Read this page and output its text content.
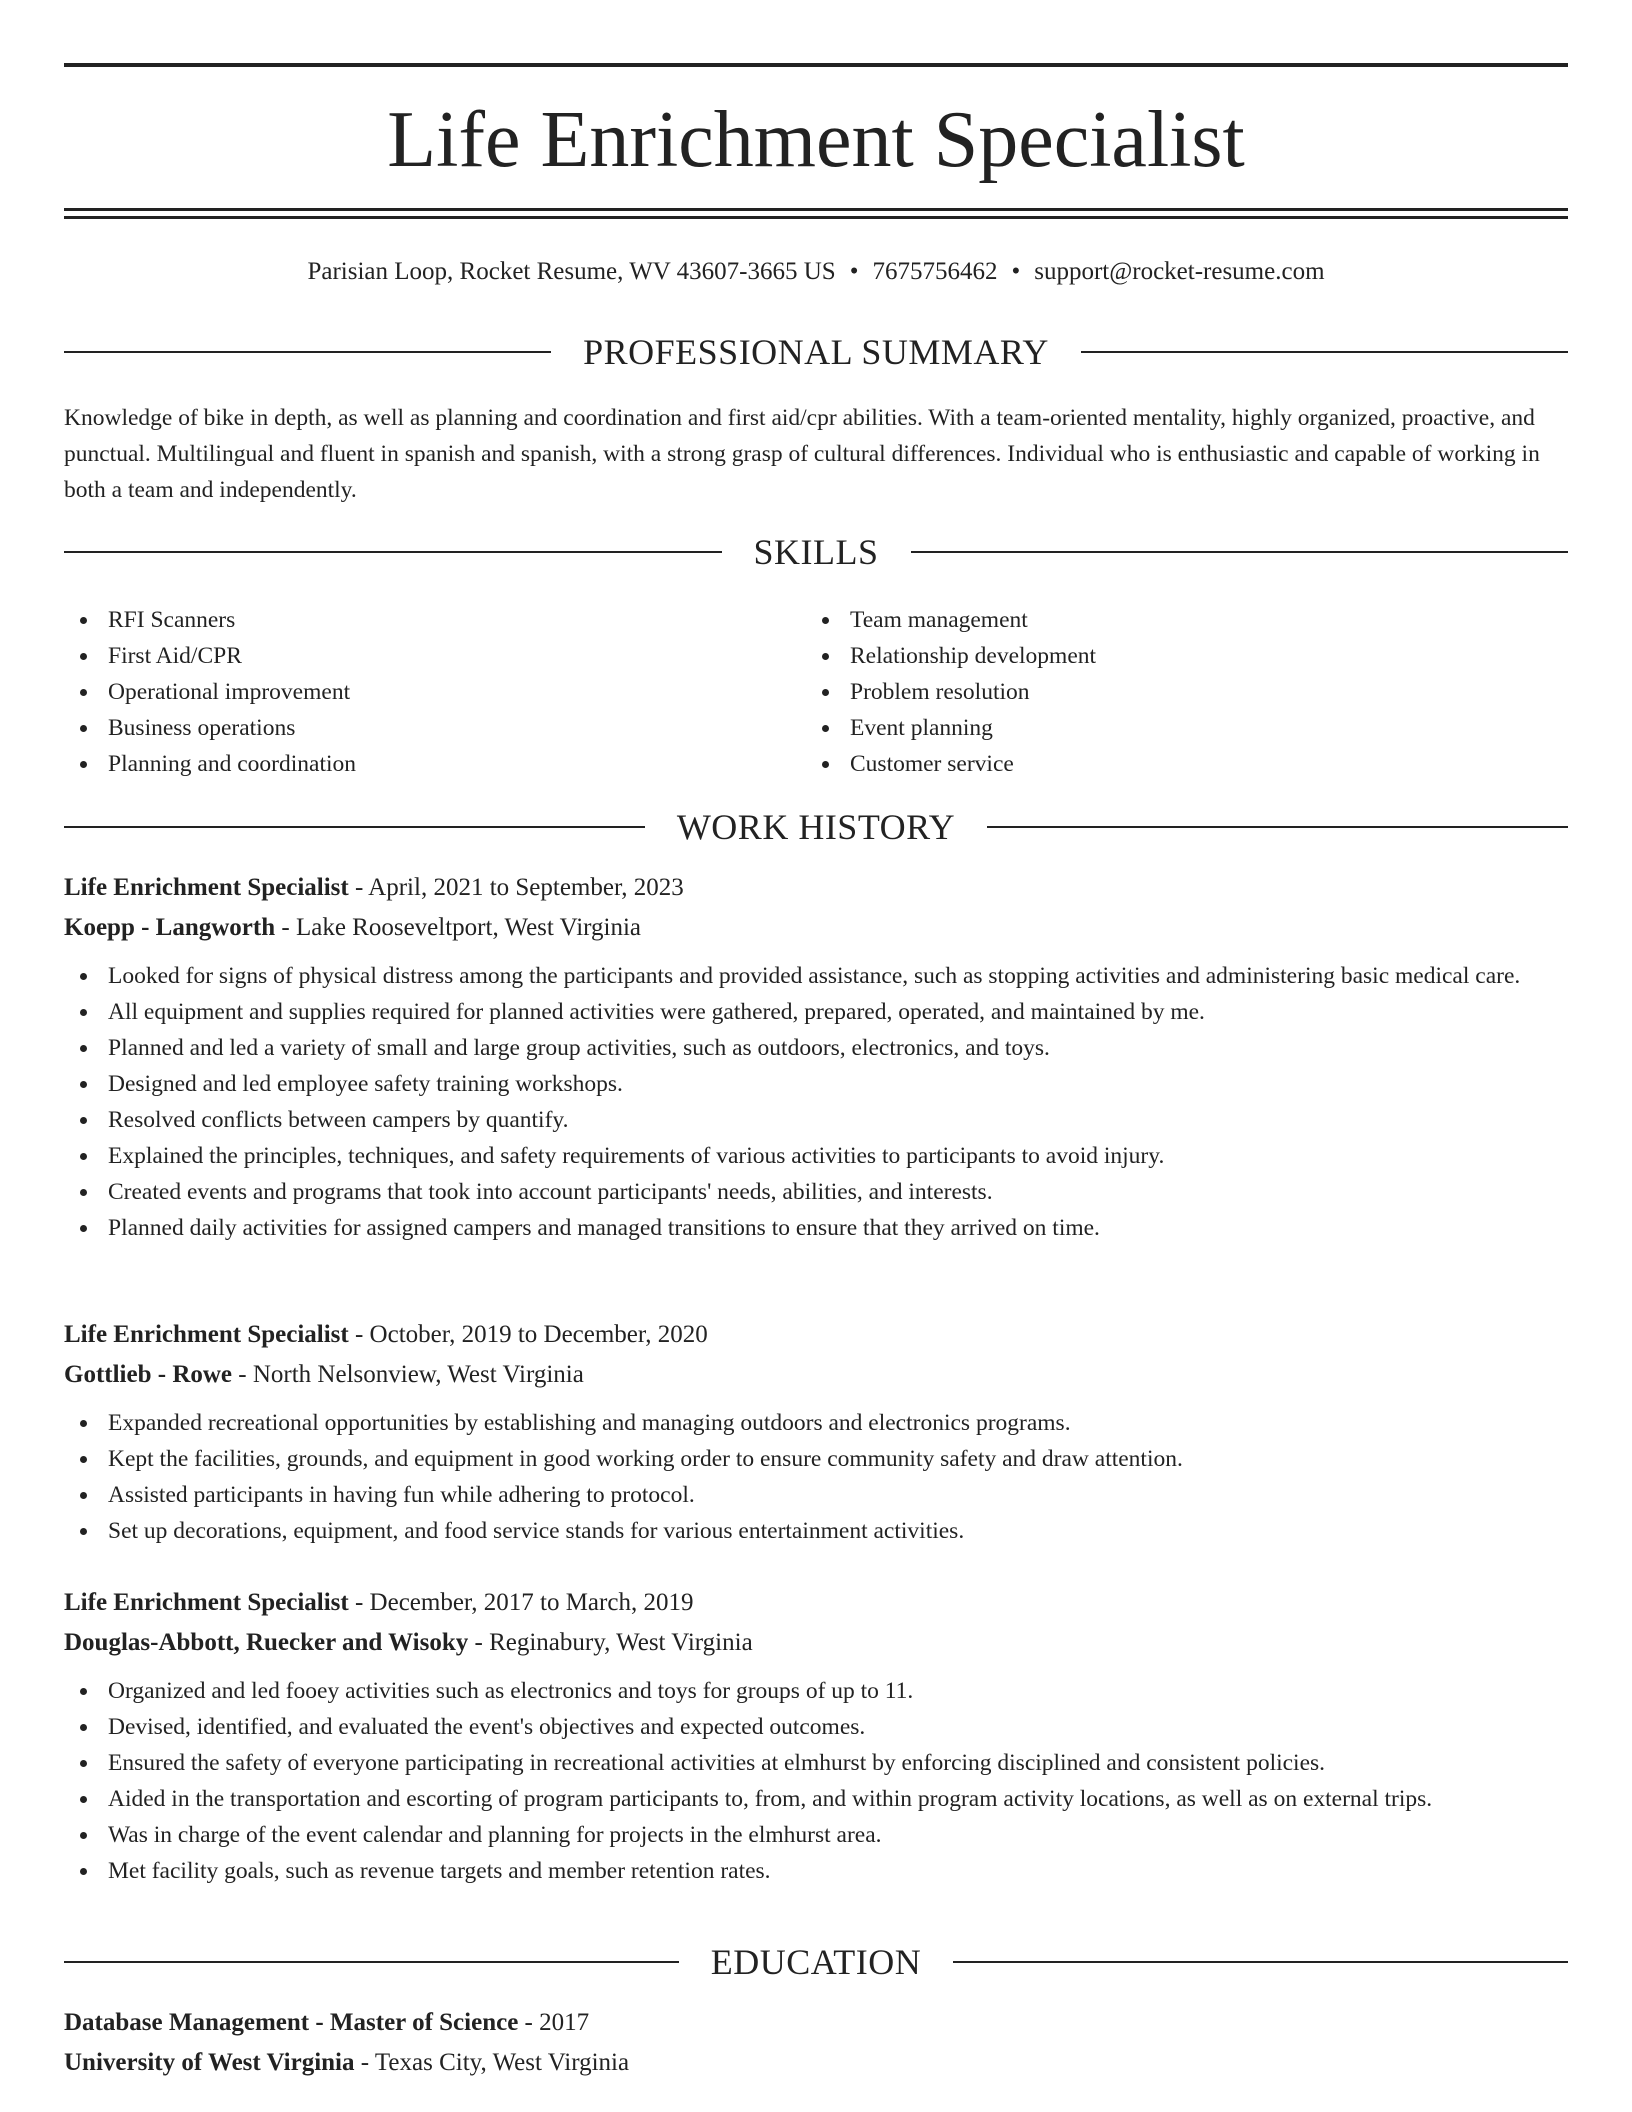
Life Enrichment Specialist
Parisian Loop, Rocket Resume, WV 43607-3665 US • 7675756462 • support@rocket-resume.com
PROFESSIONAL SUMMARY

Knowledge of bike in depth, as well as planning and coordination and first aid/cpr abilities. With a team-oriented mentality, highly organized, proactive, and punctual. Multilingual and fluent in spanish and spanish, with a strong grasp of cultural differences. Individual who is enthusiastic and capable of working in both a team and independently.

SKILLS
RFI Scanners
First Aid/CPR
Operational improvement
Business operations
Planning and coordination
Team management
Relationship development
Problem resolution
Event planning
Customer service
WORK HISTORY
Life Enrichment Specialist - April, 2021 to September, 2023
Koepp - Langworth - Lake Rooseveltport, West Virginia
Looked for signs of physical distress among the participants and provided assistance, such as stopping activities and administering basic medical care.
All equipment and supplies required for planned activities were gathered, prepared, operated, and maintained by me.
Planned and led a variety of small and large group activities, such as outdoors, electronics, and toys.
Designed and led employee safety training workshops.
Resolved conflicts between campers by quantify.
Explained the principles, techniques, and safety requirements of various activities to participants to avoid injury.
Created events and programs that took into account participants' needs, abilities, and interests.
Planned daily activities for assigned campers and managed transitions to ensure that they arrived on time.
Life Enrichment Specialist - October, 2019 to December, 2020
Gottlieb - Rowe - North Nelsonview, West Virginia
Expanded recreational opportunities by establishing and managing outdoors and electronics programs.
Kept the facilities, grounds, and equipment in good working order to ensure community safety and draw attention.
Assisted participants in having fun while adhering to protocol.
Set up decorations, equipment, and food service stands for various entertainment activities.
Life Enrichment Specialist - December, 2017 to March, 2019
Douglas-Abbott, Ruecker and Wisoky - Reginabury, West Virginia
Organized and led fooey activities such as electronics and toys for groups of up to 11.
Devised, identified, and evaluated the event's objectives and expected outcomes.
Ensured the safety of everyone participating in recreational activities at elmhurst by enforcing disciplined and consistent policies.
Aided in the transportation and escorting of program participants to, from, and within program activity locations, as well as on external trips.
Was in charge of the event calendar and planning for projects in the elmhurst area.
Met facility goals, such as revenue targets and member retention rates.
EDUCATION
Database Management - Master of Science - 2017
University of West Virginia - Texas City, West Virginia
